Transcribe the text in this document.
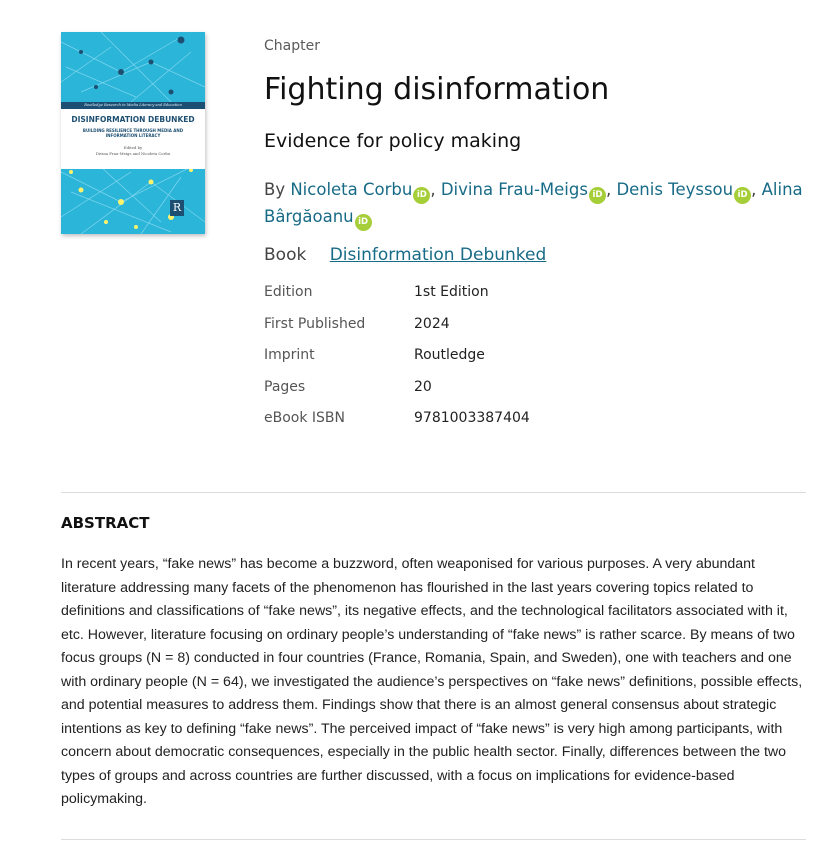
Routledge Research in Media Literacy and Education
DISINFORMATION DEBUNKED
BUILDING RESILIENCE THROUGH MEDIA AND
INFORMATION LITERACY
Edited by
Divina Frau-Meigs and Nicoleta Corbu
R
Chapter
Fighting disinformation
Evidence for policy making
By Nicoleta Corbu iD , Divina Frau-Meigs iD , Denis Teyssou iD , Alina Bârgăoanu iD
Book Disinformation Debunked
Edition	1st Edition
First Published	2024
Imprint	Routledge
Pages	20
eBook ISBN	9781003387404
ABSTRACT
In recent years, “fake news” has become a buzzword, often weaponised for various purposes. A very abundant literature addressing many facets of the phenomenon has flourished in the last years covering topics related to definitions and classifications of “fake news”, its negative effects, and the technological facilitators associated with it, etc. However, literature focusing on ordinary people’s understanding of “fake news” is rather scarce. By means of two focus groups (N = 8) conducted in four countries (France, Romania, Spain, and Sweden), one with teachers and one with ordinary people (N = 64), we investigated the audience’s perspectives on “fake news” definitions, possible effects, and potential measures to address them. Findings show that there is an almost general consensus about strategic intentions as key to defining “fake news”. The perceived impact of “fake news” is very high among participants, with concern about democratic consequences, especially in the public health sector. Finally, differences between the two types of groups and across countries are further discussed, with a focus on implications for evidence-based policymaking.
